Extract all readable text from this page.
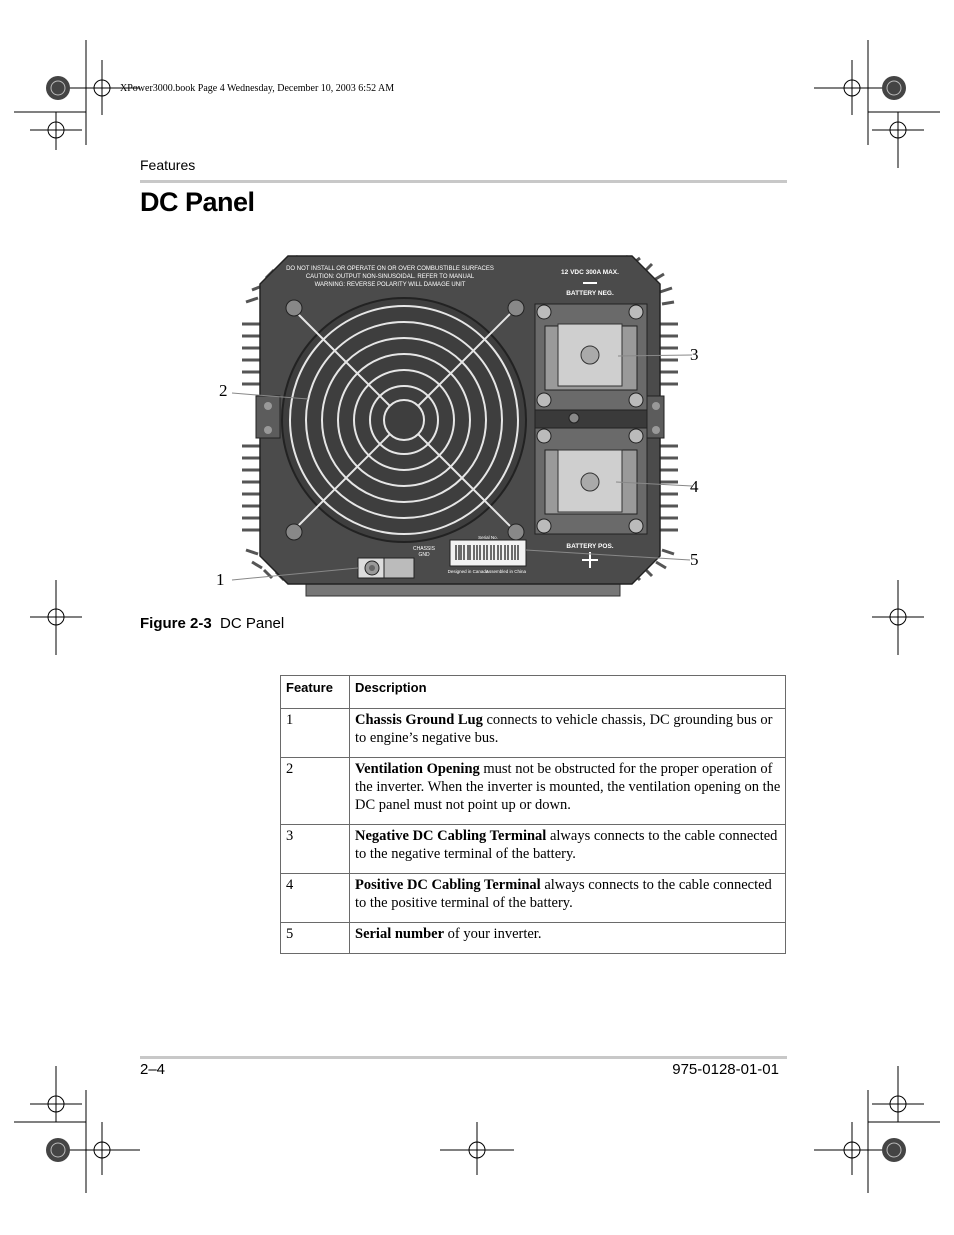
XPower3000.book Page 4 Wednesday, December 10, 2003 6:52 AM
Features
DC Panel
DO NOT INSTALL OR OPERATE ON OR OVER COMBUSTIBLE SURFACES
CAUTION: OUTPUT NON-SINUSOIDAL. REFER TO MANUAL
WARNING: REVERSE POLARITY WILL DAMAGE UNIT
12 VDC 300A MAX.
BATTERY NEG.
BATTERY POS.
Serial No.
Designed in Canada
Assembled in China
CHASSIS
GND
1
2
3
4
5
Figure 2-3 DC Panel
Feature	Description
1	Chassis Ground Lug connects to vehicle chassis, DC grounding bus or to engine’s negative bus.
2	Ventilation Opening must not be obstructed for the proper operation of the inverter. When the inverter is mounted, the ventilation opening on the DC panel must not point up or down.
3	Negative DC Cabling Terminal always connects to the cable connected to the negative terminal of the battery.
4	Positive DC Cabling Terminal always connects to the cable connected to the positive terminal of the battery.
5	Serial number of your inverter.
2–4	975-0128-01-01
